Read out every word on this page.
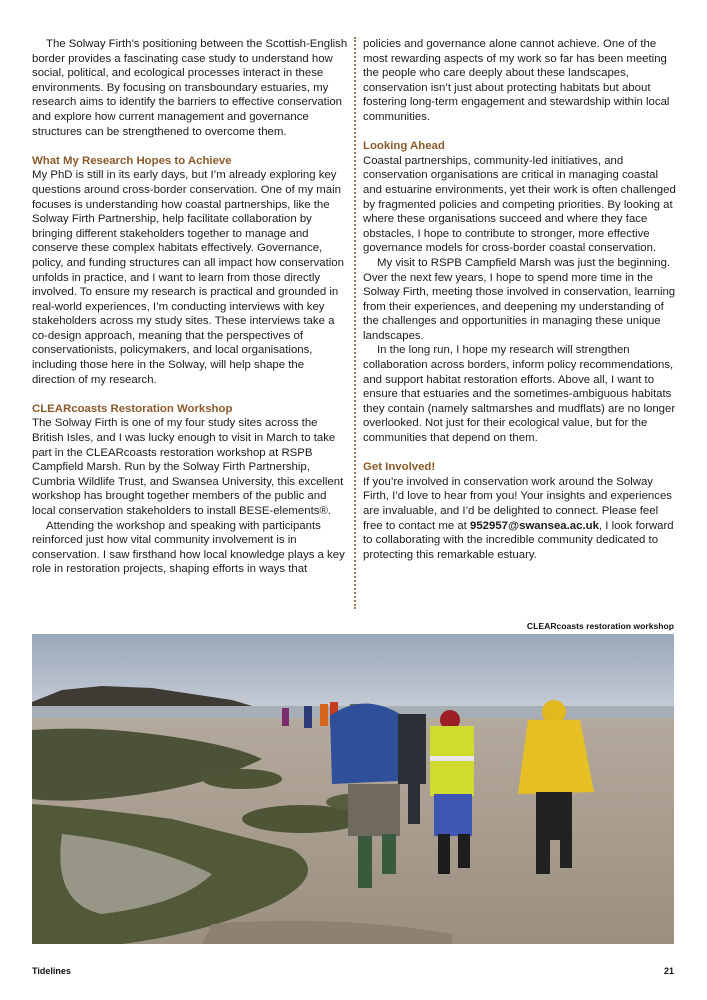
The Solway Firth’s positioning between the Scottish-English border provides a fascinating case study to understand how social, political, and ecological processes interact in these environments. By focusing on transboundary estuaries, my research aims to identify the barriers to effective conservation and explore how current management and governance structures can be strengthened to overcome them.

What My Research Hopes to Achieve

My PhD is still in its early days, but I’m already exploring key questions around cross-border conservation. One of my main focuses is understanding how coastal partnerships, like the Solway Firth Partnership, help facilitate collaboration by bringing different stakeholders together to manage and conserve these complex habitats effectively. Governance, policy, and funding structures can all impact how conservation unfolds in practice, and I want to learn from those directly involved. To ensure my research is practical and grounded in real-world experiences, I’m conducting interviews with key stakeholders across my study sites. These interviews take a co-design approach, meaning that the perspectives of conservationists, policymakers, and local organisations, including those here in the Solway, will help shape the direction of my research.

CLEARcoasts Restoration Workshop

The Solway Firth is one of my four study sites across the British Isles, and I was lucky enough to visit in March to take part in the CLEARcoasts restoration workshop at RSPB Campfield Marsh. Run by the Solway Firth Partnership, Cumbria Wildlife Trust, and Swansea University, this excellent workshop has brought together members of the public and local conservation stakeholders to install BESE-elements®.

Attending the workshop and speaking with participants reinforced just how vital community involvement is in conservation. I saw firsthand how local knowledge plays a key role in restoration projects, shaping efforts in ways that

policies and governance alone cannot achieve. One of the most rewarding aspects of my work so far has been meeting the people who care deeply about these landscapes, conservation isn’t just about protecting habitats but about fostering long-term engagement and stewardship within local communities.

Looking Ahead

Coastal partnerships, community-led initiatives, and conservation organisations are critical in managing coastal and estuarine environments, yet their work is often challenged by fragmented policies and competing priorities. By looking at where these organisations succeed and where they face obstacles, I hope to contribute to stronger, more effective governance models for cross-border coastal conservation.

My visit to RSPB Campfield Marsh was just the beginning. Over the next few years, I hope to spend more time in the Solway Firth, meeting those involved in conservation, learning from their experiences, and deepening my understanding of the challenges and opportunities in managing these unique landscapes.

In the long run, I hope my research will strengthen collaboration across borders, inform policy recommendations, and support habitat restoration efforts. Above all, I want to ensure that estuaries and the sometimes-ambiguous habitats they contain (namely saltmarshes and mudflats) are no longer overlooked. Not just for their ecological value, but for the communities that depend on them.

Get Involved!

If you’re involved in conservation work around the Solway Firth, I’d love to hear from you! Your insights and experiences are invaluable, and I’d be delighted to connect. Please feel free to contact me at 952957@swansea.ac.uk, I look forward to collaborating with the incredible community dedicated to protecting this remarkable estuary.

CLEARcoasts restoration workshop
Tidelines	21
